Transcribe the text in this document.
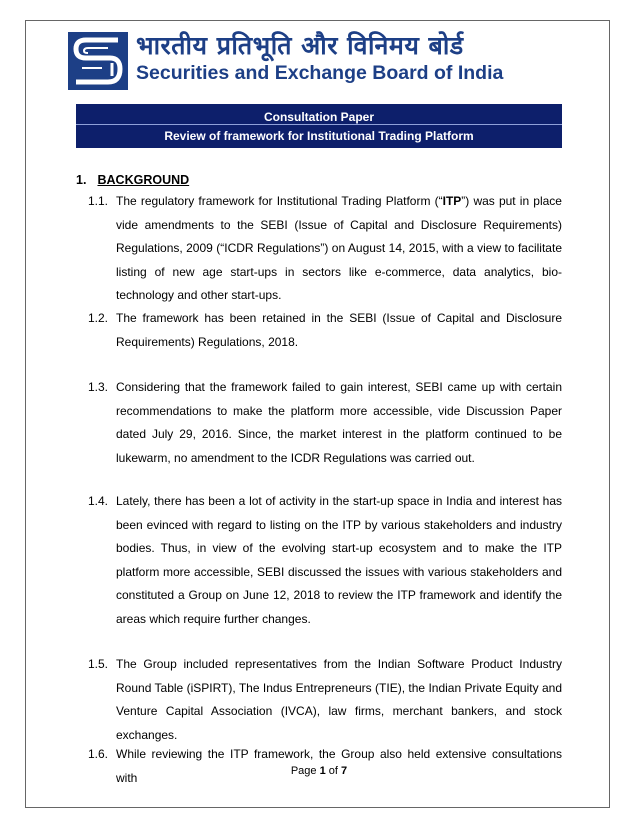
भारतीय प्रतिभूति और विनिमय बोर्ड
Securities and Exchange Board of India
Consultation Paper
Review of framework for Institutional Trading Platform
1. BACKGROUND
1.1. The regulatory framework for Institutional Trading Platform (“ITP”) was put in place vide amendments to the SEBI (Issue of Capital and Disclosure Requirements) Regulations, 2009 (“ICDR Regulations”) on August 14, 2015, with a view to facilitate listing of new age start-ups in sectors like e-commerce, data analytics, bio-technology and other start-ups.
1.2. The framework has been retained in the SEBI (Issue of Capital and Disclosure Requirements) Regulations, 2018.
1.3. Considering that the framework failed to gain interest, SEBI came up with certain recommendations to make the platform more accessible, vide Discussion Paper dated July 29, 2016. Since, the market interest in the platform continued to be lukewarm, no amendment to the ICDR Regulations was carried out.
1.4. Lately, there has been a lot of activity in the start-up space in India and interest has been evinced with regard to listing on the ITP by various stakeholders and industry bodies. Thus, in view of the evolving start-up ecosystem and to make the ITP platform more accessible, SEBI discussed the issues with various stakeholders and constituted a Group on June 12, 2018 to review the ITP framework and identify the areas which require further changes.
1.5. The Group included representatives from the Indian Software Product Industry Round Table (iSPIRT), The Indus Entrepreneurs (TIE), the Indian Private Equity and Venture Capital Association (IVCA), law firms, merchant bankers, and stock exchanges.
1.6. While reviewing the ITP framework, the Group also held extensive consultations with	Page 1 of 7
